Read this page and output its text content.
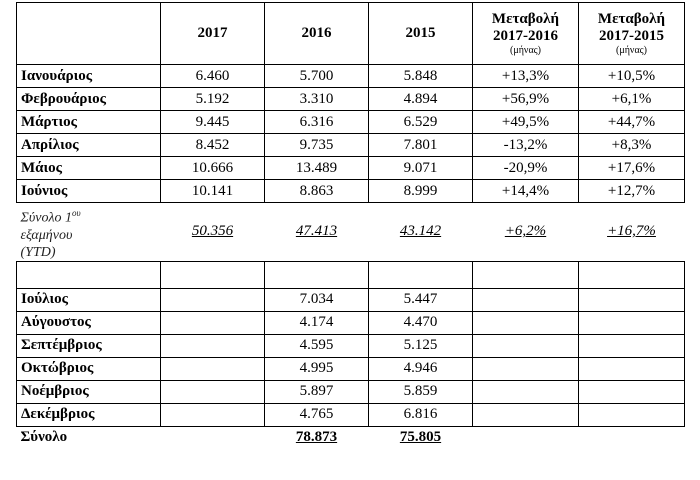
	2017	2016	2015	Μεταβολή
2017-2016
(μήνας)	Μεταβολή
2017-2015
(μήνας)

Ιανουάριος	6.460	5.700	5.848	+13,3%	+10,5%
Φεβρουάριος	5.192	3.310	4.894	+56,9%	+6,1%
Μάρτιος	9.445	6.316	6.529	+49,5%	+44,7%
Απρίλιος	8.452	9.735	7.801	-13,2%	+8,3%
Μάιος	10.666	13.489	9.071	-20,9%	+17,6%
Ιούνιος	10.141	8.863	8.999	+14,4%	+12,7%
Σύνολο $1^{o\upsilon}$
εξαμήνου
(YTD)	50.356	47.413	43.142	+6,2%	+16,7%

Ιούλιος		7.034	5.447		
Αύγουστος		4.174	4.470		
Σεπτέμβριος		4.595	5.125		
Οκτώβριος		4.995	4.946		
Νοέμβριος		5.897	5.859		
Δεκέμβριος		4.765	6.816		
Σύνολο		78.873	75.805		
